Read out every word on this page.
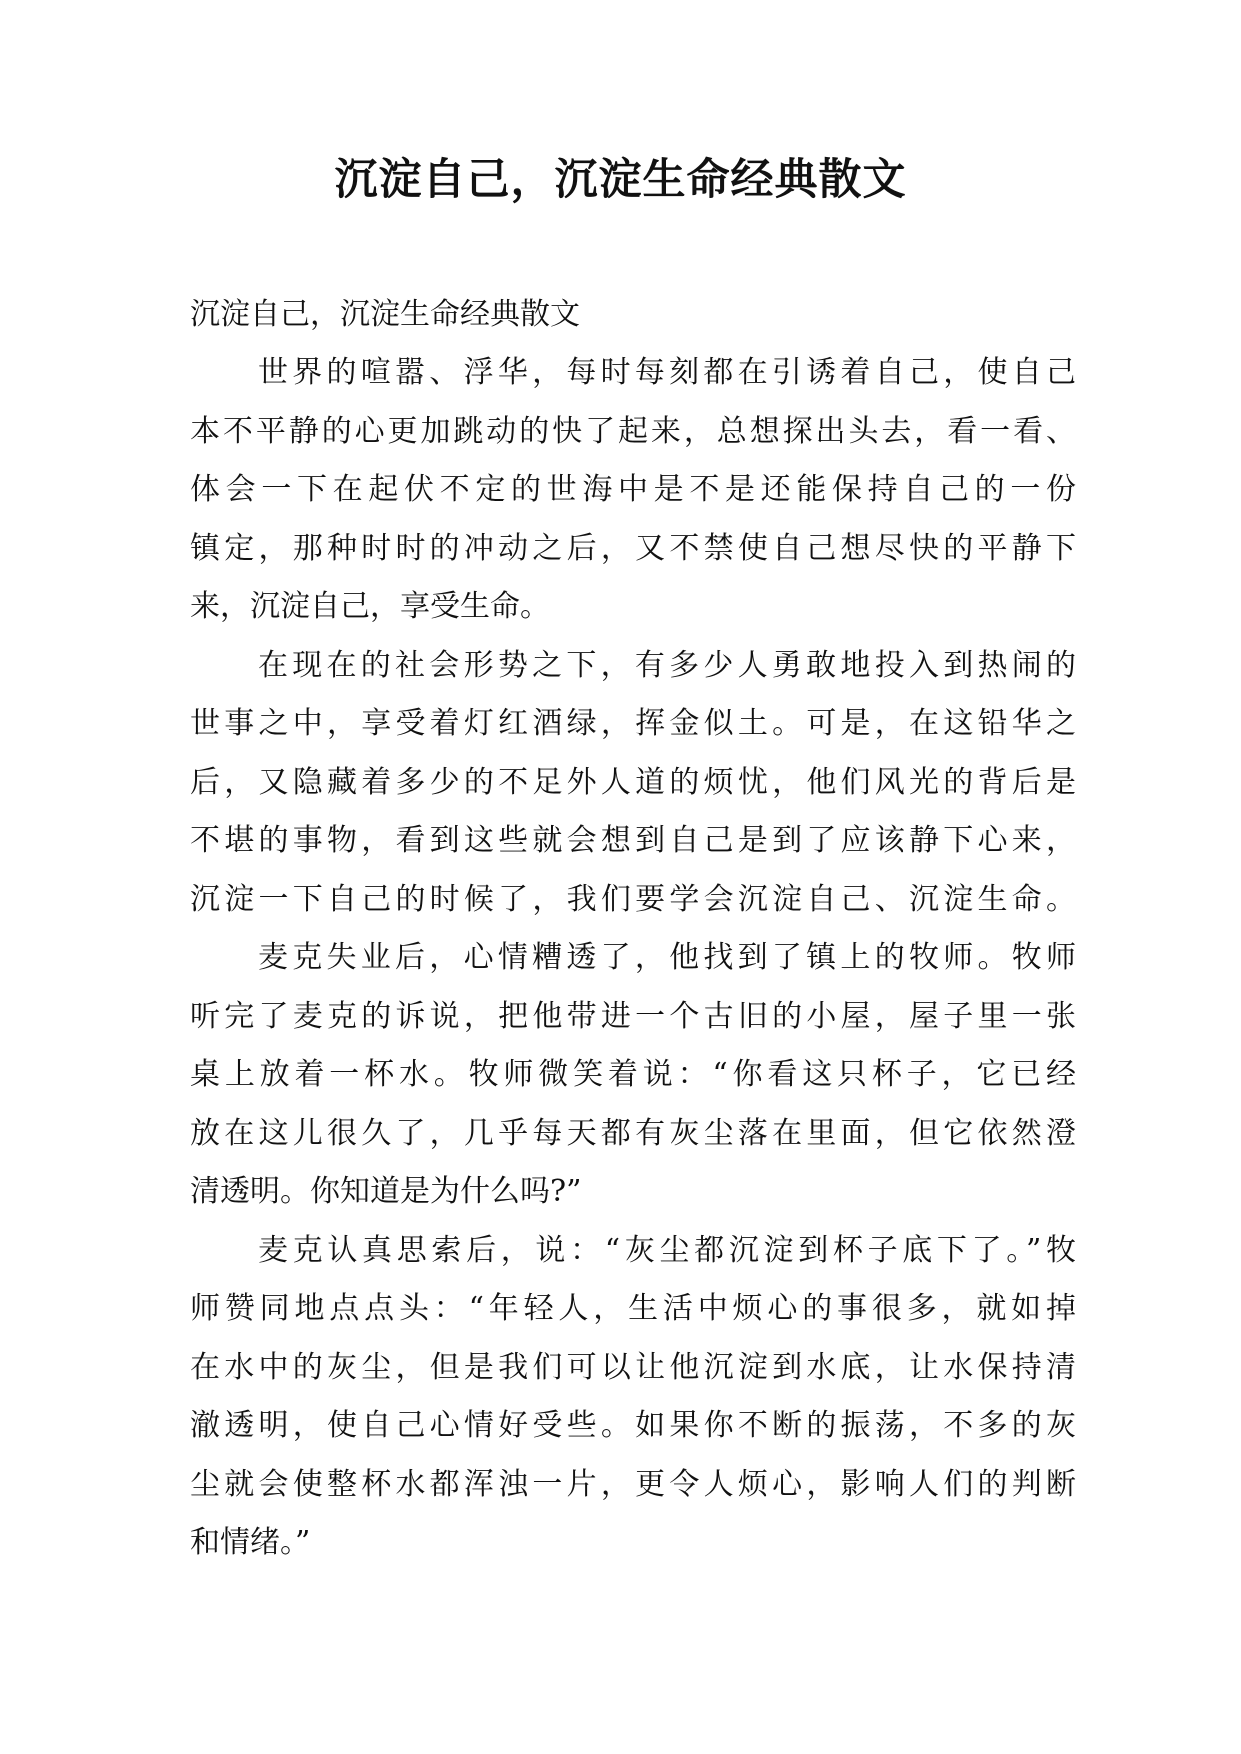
沉淀自己，沉淀生命经典散文

沉淀自己，沉淀生命经典散文

世界的喧嚣、浮华，每时每刻都在引诱着自己，使自己
本不平静的心更加跳动的快了起来，总想探出头去，看一看、
体会一下在起伏不定的世海中是不是还能保持自己的一份
镇定，那种时时的冲动之后，又不禁使自己想尽快的平静下
来，沉淀自己，享受生命。

在现在的社会形势之下，有多少人勇敢地投入到热闹的
世事之中，享受着灯红酒绿，挥金似土。可是，在这铅华之
后，又隐藏着多少的不足外人道的烦忧，他们风光的背后是
不堪的事物，看到这些就会想到自己是到了应该静下心来，
沉淀一下自己的时候了，我们要学会沉淀自己、沉淀生命。

麦克失业后，心情糟透了，他找到了镇上的牧师。牧师
听完了麦克的诉说，把他带进一个古旧的小屋，屋子里一张
桌上放着一杯水。牧师微笑着说：“你看这只杯子，它已经
放在这儿很久了，几乎每天都有灰尘落在里面，但它依然澄
清透明。你知道是为什么吗?”

麦克认真思索后，说：“灰尘都沉淀到杯子底下了。”牧
师赞同地点点头：“年轻人，生活中烦心的事很多，就如掉
在水中的灰尘，但是我们可以让他沉淀到水底，让水保持清
澈透明，使自己心情好受些。如果你不断的振荡，不多的灰
尘就会使整杯水都浑浊一片，更令人烦心，影响人们的判断
和情绪。”
